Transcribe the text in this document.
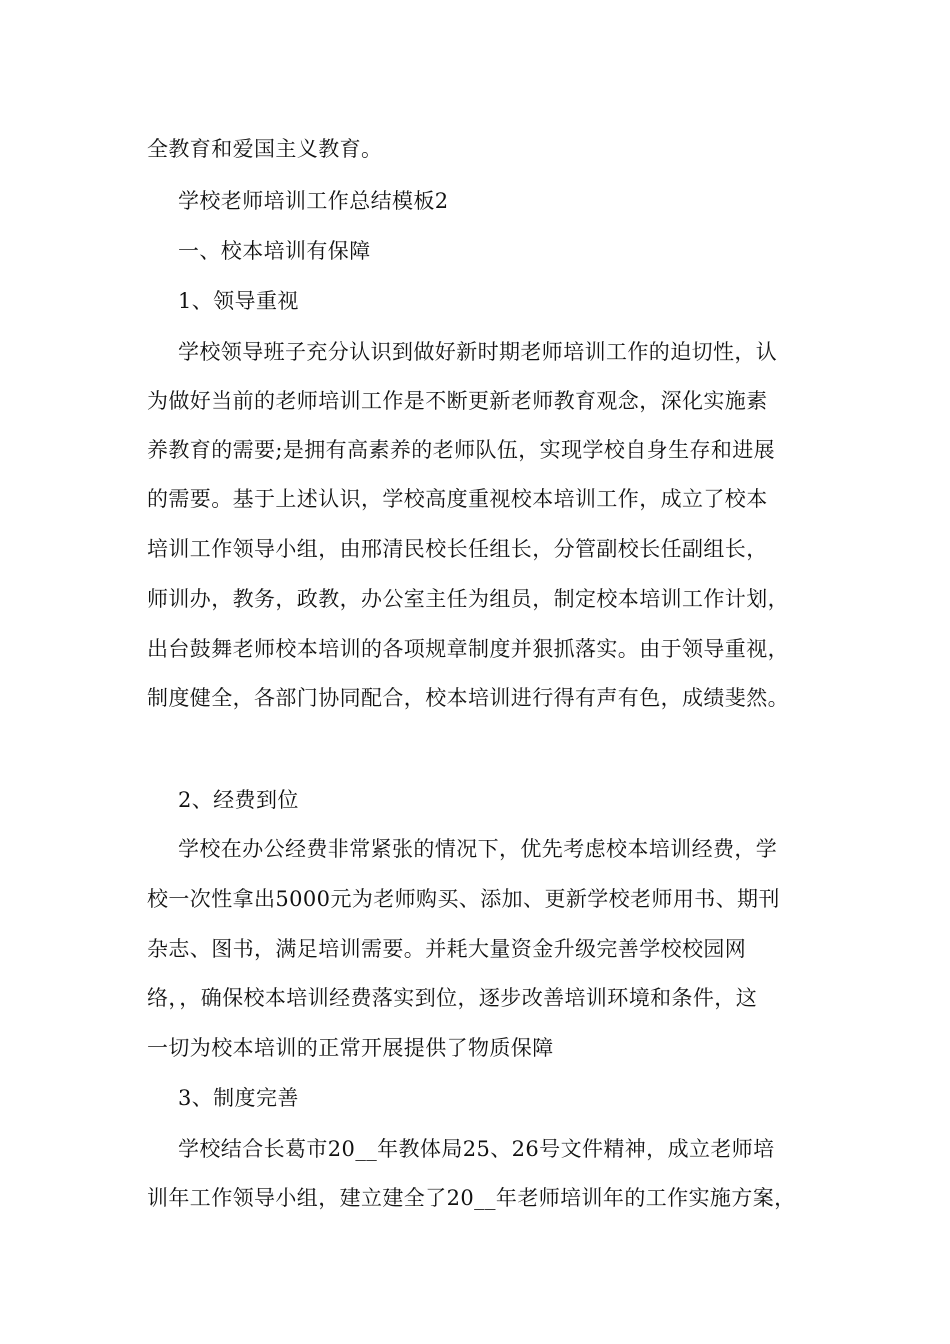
全教育和爱国主义教育。
学校老师培训工作总结模板2
一、校本培训有保障
1、领导重视
学校领导班子充分认识到做好新时期老师培训工作的迫切性，认
为做好当前的老师培训工作是不断更新老师教育观念，深化实施素
养教育的需要;是拥有高素养的老师队伍，实现学校自身生存和进展
的需要。基于上述认识，学校高度重视校本培训工作，成立了校本
培训工作领导小组，由邢清民校长任组长，分管副校长任副组长，
师训办，教务，政教，办公室主任为组员，制定校本培训工作计划，
出台鼓舞老师校本培训的各项规章制度并狠抓落实。由于领导重视，
制度健全，各部门协同配合，校本培训进行得有声有色，成绩斐然。
2、经费到位
学校在办公经费非常紧张的情况下，优先考虑校本培训经费，学
校一次性拿出5000元为老师购买、添加、更新学校老师用书、期刊
杂志、图书，满足培训需要。并耗大量资金升级完善学校校园网
络，，确保校本培训经费落实到位，逐步改善培训环境和条件，这
一切为校本培训的正常开展提供了物质保障
3、制度完善
学校结合长葛市20__年教体局25、26号文件精神，成立老师培
训年工作领导小组，建立建全了20__年老师培训年的工作实施方案，
